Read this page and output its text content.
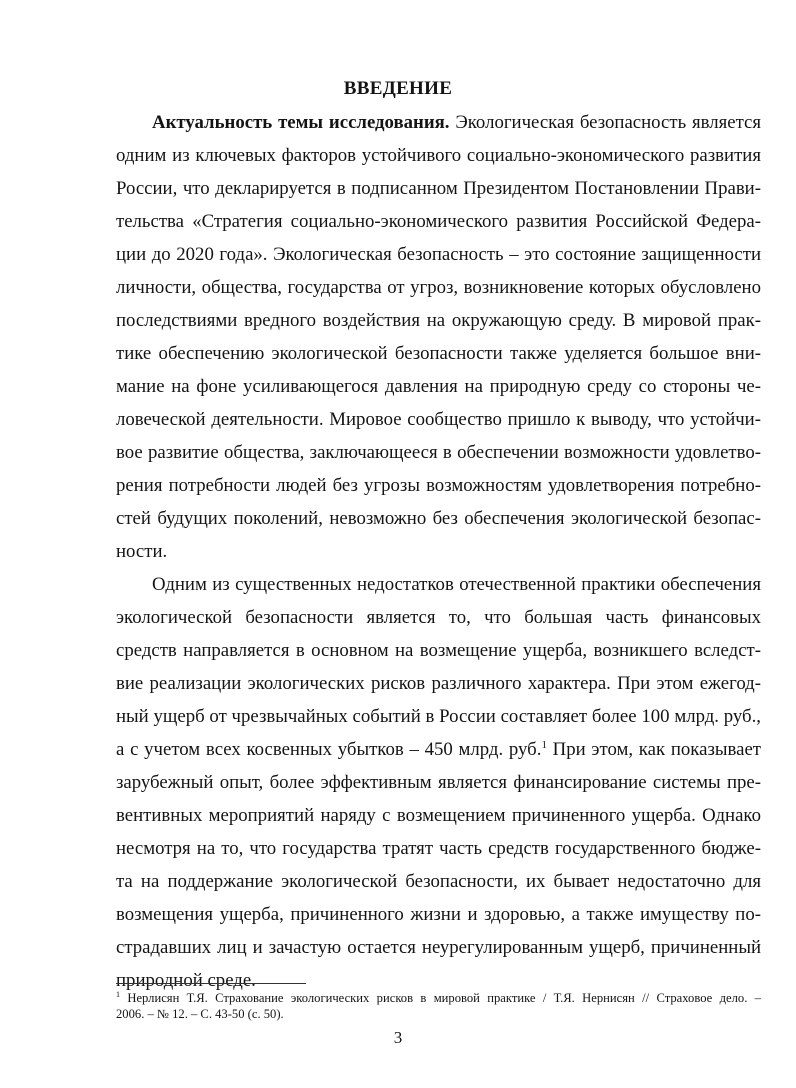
ВВЕДЕНИЕ

Актуальность темы исследования. Экологическая безопасность является

одним из ключевых факторов устойчивого социально-экономического развития

России, что декларируется в подписанном Президентом Постановлении Прави-

тельства «Стратегия социально-экономического развития Российской Федера-

ции до 2020 года». Экологическая безопасность – это состояние защищенности

личности, общества, государства от угроз, возникновение которых обусловлено

последствиями вредного воздействия на окружающую среду. В мировой прак-

тике обеспечению экологической безопасности также уделяется большое вни-

мание на фоне усиливающегося давления на природную среду со стороны че-

ловеческой деятельности. Мировое сообщество пришло к выводу, что устойчи-

вое развитие общества, заключающееся в обеспечении возможности удовлетво-

рения потребности людей без угрозы возможностям удовлетворения потребно-

стей будущих поколений, невозможно без обеспечения экологической безопас-

ности.

Одним из существенных недостатков отечественной практики обеспечения

экологической безопасности является то, что большая часть финансовых

средств направляется в основном на возмещение ущерба, возникшего вследст-

вие реализации экологических рисков различного характера. При этом ежегод-

ный ущерб от чрезвычайных событий в России составляет более 100 млрд. руб.,

а с учетом всех косвенных убытков – 450 млрд. руб.$^1$ При этом, как показывает

зарубежный опыт, более эффективным является финансирование системы пре-

вентивных мероприятий наряду с возмещением причиненного ущерба. Однако

несмотря на то, что государства тратят часть средств государственного бюдже-

та на поддержание экологической безопасности, их бывает недостаточно для

возмещения ущерба, причиненного жизни и здоровью, а также имуществу по-

страдавших лиц и зачастую остается неурегулированным ущерб, причиненный

природной среде.

$^1$ Нерлисян Т.Я. Страхование экологических рисков в мировой практике / Т.Я. Нернисян // Страховое дело. –

2006. – № 12. – С. 43-50 (с. 50).

3
